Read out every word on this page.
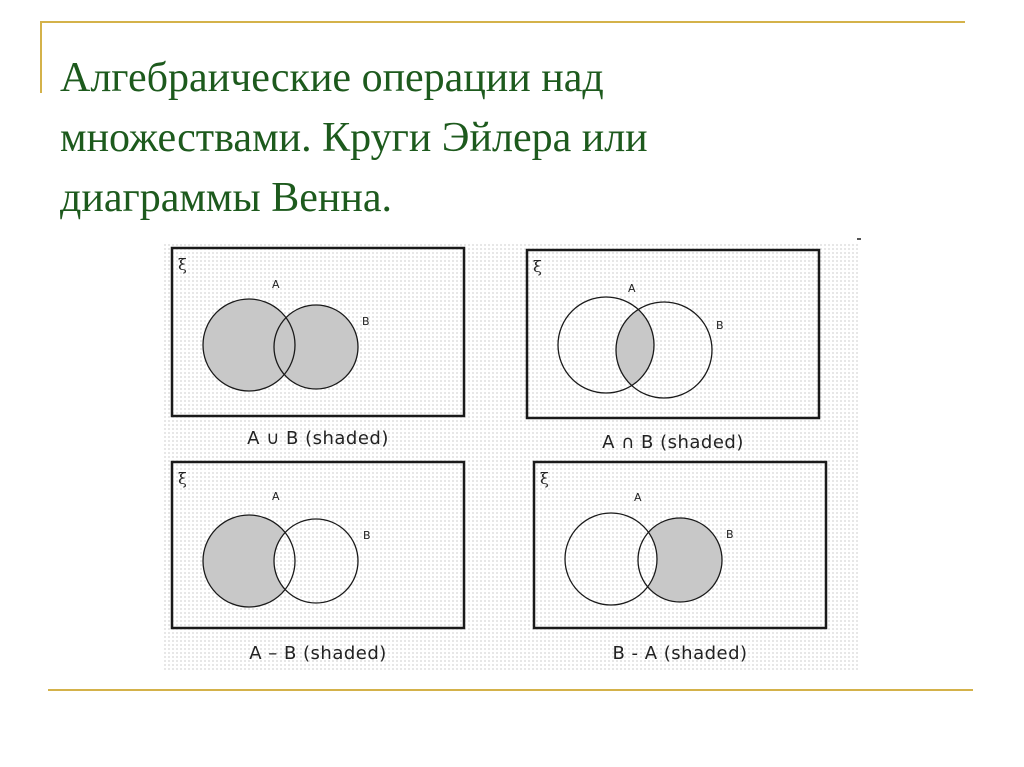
Алгебраические операции над
множествами. Круги Эйлера или
диаграммы Венна.
ξ
A
B
ξ
A
B
ξ
A
B
ξ
A
B
A ∪ B (shaded)	A ∩ B (shaded)
A – B (shaded)	B - A (shaded)
